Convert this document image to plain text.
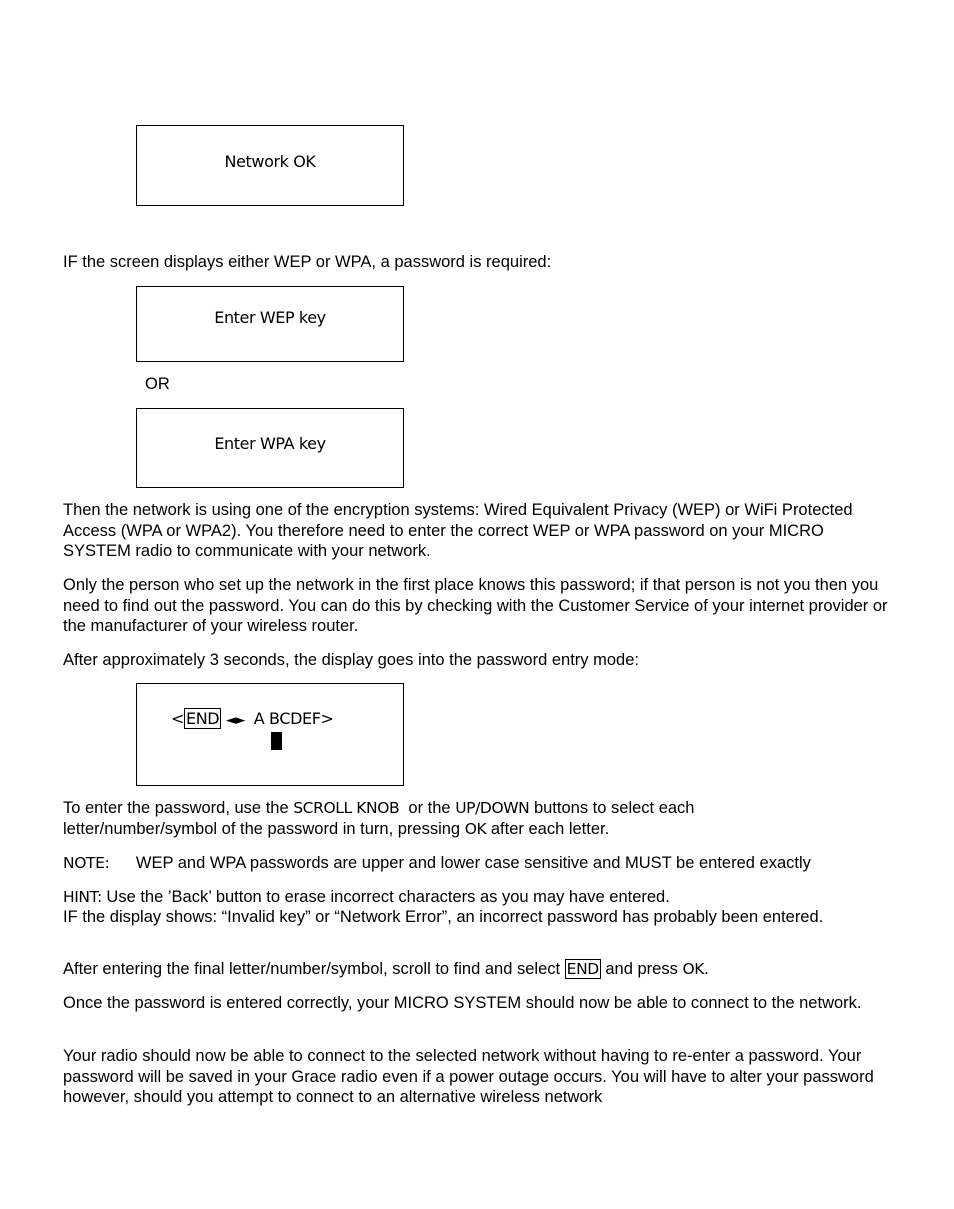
Network OK
IF the screen displays either WEP or WPA, a password is required:
Enter WEP key
OR
Enter WPA key
Then the network is using one of the encryption systems: Wired Equivalent Privacy (WEP) or WiFi Protected Access (WPA or WPA2). You therefore need to enter the correct WEP or WPA password on your MICRO SYSTEM radio to communicate with your network.
Only the person who set up the network in the first place knows this password; if that person is not you then you need to find out the password. You can do this by checking with the Customer Service of your internet provider or the manufacturer of your wireless router.
After approximately 3 seconds, the display goes into the password entry mode:
< END ◄► A BCDEF>
To enter the password, use the SCROLL KNOB  or the UP/DOWN buttons to select each
letter/number/symbol of the password in turn, pressing OK after each letter.
NOTE: WEP and WPA passwords are upper and lower case sensitive and MUST be entered exactly
HINT: Use the ’Back’ button to erase incorrect characters as you may have entered.
IF the display shows: “Invalid key” or “Network Error”, an incorrect password has probably been entered.
After entering the final letter/number/symbol, scroll to find and select END and press OK.
Once the password is entered correctly, your MICRO SYSTEM should now be able to connect to the network.
Your radio should now be able to connect to the selected network without having to re-enter a password. Your password will be saved in your Grace radio even if a power outage occurs. You will have to alter your password however, should you attempt to connect to an alternative wireless network
